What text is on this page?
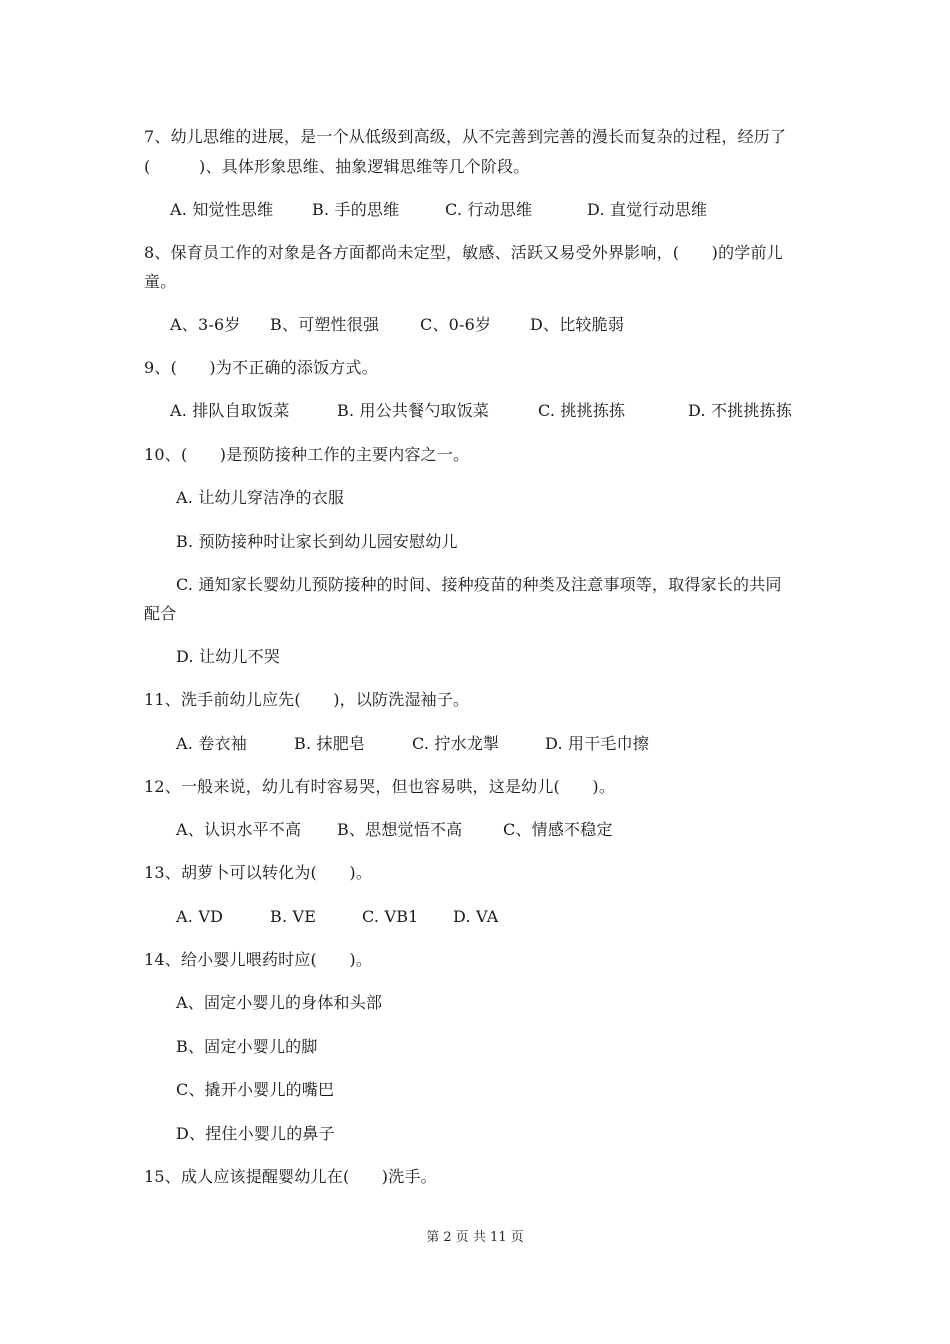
7、幼儿思维的进展，是一个从低级到高级，从不完善到完善的漫长而复杂的过程，经历了
(　　　)、具体形象思维、抽象逻辑思维等几个阶段。
A. 知觉性思维 B. 手的思维	C. 行动思维	D. 直觉行动思维
8、保育员工作的对象是各方面都尚未定型，敏感、活跃又易受外界影响，(　　)的学前儿
童。
A、3-6岁 B、可塑性很强	C、0-6岁 D、比较脆弱
9、(　　)为不正确的添饭方式。
A. 排队自取饭菜	B. 用公共餐勺取饭菜	C. 挑挑拣拣	D. 不挑挑拣拣
10、(　　)是预防接种工作的主要内容之一。
A. 让幼儿穿洁净的衣服
B. 预防接种时让家长到幼儿园安慰幼儿
C. 通知家长婴幼儿预防接种的时间、接种疫苗的种类及注意事项等，取得家长的共同
配合
D. 让幼儿不哭
11、洗手前幼儿应先(　　)，以防洗湿袖子。
A. 卷衣袖	B. 抹肥皂	C. 拧水龙掣	D. 用干毛巾擦
12、一般来说，幼儿有时容易哭，但也容易哄，这是幼儿(　　)。
A、认识水平不高 B、思想觉悟不高	C、情感不稳定
13、胡萝卜可以转化为(　　)。
A. VD	B. VE	C. VB1 D. VA
14、给小婴儿喂药时应(　　)。
A、固定小婴儿的身体和头部
B、固定小婴儿的脚
C、撬开小婴儿的嘴巴
D、捏住小婴儿的鼻子
15、成人应该提醒婴幼儿在(　　)洗手。
第 2 页 共 11 页
